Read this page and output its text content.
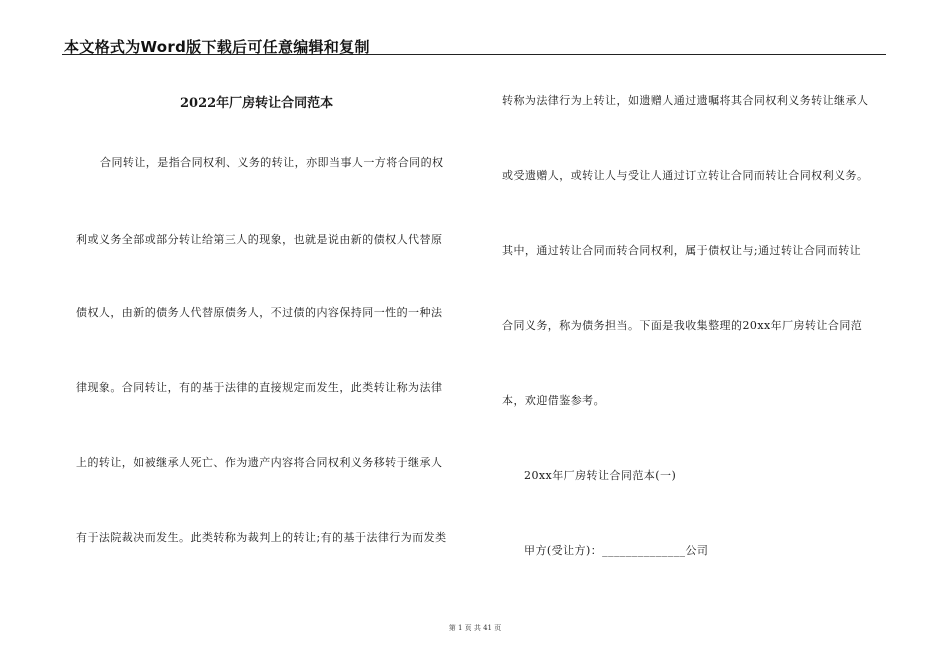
本文格式为Word版下载后可任意编辑和复制
2022年厂房转让合同范本
合同转让，是指合同权利、义务的转让，亦即当事人一方将合同的权
利或义务全部或部分转让给第三人的现象，也就是说由新的债权人代替原
债权人，由新的债务人代替原债务人，不过债的内容保持同一性的一种法
律现象。合同转让，有的基于法律的直接规定而发生，此类转让称为法律
上的转让，如被继承人死亡、作为遗产内容将合同权利义务移转于继承人
有于法院裁决而发生。此类转称为裁判上的转让;有的基于法律行为而发类
转称为法律行为上转让，如遗赠人通过遗嘱将其合同权利义务转让继承人
或受遗赠人，或转让人与受让人通过订立转让合同而转让合同权利义务。
其中，通过转让合同而转合同权利，属于债权让与;通过转让合同而转让
合同义务，称为债务担当。下面是我收集整理的20xx年厂房转让合同范
本，欢迎借鉴参考。
20xx年厂房转让合同范本(一)
甲方(受让方)：______________公司
第 1 页 共 41 页
